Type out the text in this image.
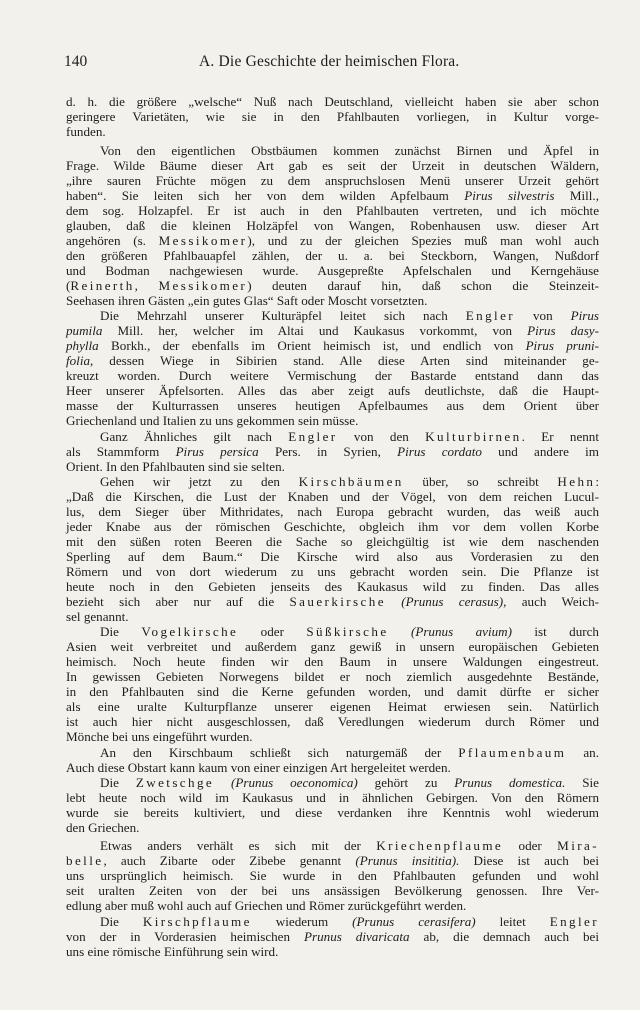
140	A. Die Geschichte der heimischen Flora.
d. h. die größere „welsche“ Nuß nach Deutschland, vielleicht haben sie aber schon
geringere Varietäten, wie sie in den Pfahlbauten vorliegen, in Kultur vorge-
funden.
Von den eigentlichen Obstbäumen kommen zunächst Birnen und Äpfel in
Frage. Wilde Bäume dieser Art gab es seit der Urzeit in deutschen Wäldern,
„ihre sauren Früchte mögen zu dem anspruchslosen Menü unserer Urzeit gehört
haben“. Sie leiten sich her von dem wilden Apfelbaum Pirus silvestris Mill.,
dem sog. Holzapfel. Er ist auch in den Pfahlbauten vertreten, und ich möchte
glauben, daß die kleinen Holzäpfel von Wangen, Robenhausen usw. dieser Art
angehören (s. Messikomer), und zu der gleichen Spezies muß man wohl auch
den größeren Pfahlbauapfel zählen, der u. a. bei Steckborn, Wangen, Nußdorf
und Bodman nachgewiesen wurde. Ausgepreßte Apfelschalen und Kerngehäuse
(Reinerth, Messikomer) deuten darauf hin, daß schon die Steinzeit-
Seehasen ihren Gästen „ein gutes Glas“ Saft oder Moscht vorsetzten.
Die Mehrzahl unserer Kulturäpfel leitet sich nach Engler von Pirus
pumila Mill. her, welcher im Altai und Kaukasus vorkommt, von Pirus dasy-
phylla Borkh., der ebenfalls im Orient heimisch ist, und endlich von Pirus pruni-
folia, dessen Wiege in Sibirien stand. Alle diese Arten sind miteinander ge-
kreuzt worden. Durch weitere Vermischung der Bastarde entstand dann das
Heer unserer Äpfelsorten. Alles das aber zeigt aufs deutlichste, daß die Haupt-
masse der Kulturrassen unseres heutigen Apfelbaumes aus dem Orient über
Griechenland und Italien zu uns gekommen sein müsse.
Ganz Ähnliches gilt nach Engler von den Kulturbirnen. Er nennt
als Stammform Pirus persica Pers. in Syrien, Pirus cordato und andere im
Orient. In den Pfahlbauten sind sie selten.
Gehen wir jetzt zu den Kirschbäumen über, so schreibt Hehn:
„Daß die Kirschen, die Lust der Knaben und der Vögel, von dem reichen Lucul-
lus, dem Sieger über Mithridates, nach Europa gebracht wurden, das weiß auch
jeder Knabe aus der römischen Geschichte, obgleich ihm vor dem vollen Korbe
mit den süßen roten Beeren die Sache so gleichgültig ist wie dem naschenden
Sperling auf dem Baum.“ Die Kirsche wird also aus Vorderasien zu den
Römern und von dort wiederum zu uns gebracht worden sein. Die Pflanze ist
heute noch in den Gebieten jenseits des Kaukasus wild zu finden. Das alles
bezieht sich aber nur auf die Sauerkirsche (Prunus cerasus), auch Weich-
sel genannt.
Die Vogelkirsche oder Süßkirsche (Prunus avium) ist durch
Asien weit verbreitet und außerdem ganz gewiß in unsern europäischen Gebieten
heimisch. Noch heute finden wir den Baum in unsere Waldungen eingestreut.
In gewissen Gebieten Norwegens bildet er noch ziemlich ausgedehnte Bestände,
in den Pfahlbauten sind die Kerne gefunden worden, und damit dürfte er sicher
als eine uralte Kulturpflanze unserer eigenen Heimat erwiesen sein. Natürlich
ist auch hier nicht ausgeschlossen, daß Veredlungen wiederum durch Römer und
Mönche bei uns eingeführt wurden.
An den Kirschbaum schließt sich naturgemäß der Pflaumenbaum an.
Auch diese Obstart kann kaum von einer einzigen Art hergeleitet werden.
Die Zwetschge (Prunus oeconomica) gehört zu Prunus domestica. Sie
lebt heute noch wild im Kaukasus und in ähnlichen Gebirgen. Von den Römern
wurde sie bereits kultiviert, und diese verdanken ihre Kenntnis wohl wiederum
den Griechen.
Etwas anders verhält es sich mit der Kriechenpflaume oder Mira-
belle, auch Zibarte oder Zibebe genannt (Prunus insititia). Diese ist auch bei
uns ursprünglich heimisch. Sie wurde in den Pfahlbauten gefunden und wohl
seit uralten Zeiten von der bei uns ansässigen Bevölkerung genossen. Ihre Ver-
edlung aber muß wohl auch auf Griechen und Römer zurückgeführt werden.
Die Kirschpflaume wiederum (Prunus cerasifera) leitet Engler
von der in Vorderasien heimischen Prunus divaricata ab, die demnach auch bei
uns eine römische Einführung sein wird.
